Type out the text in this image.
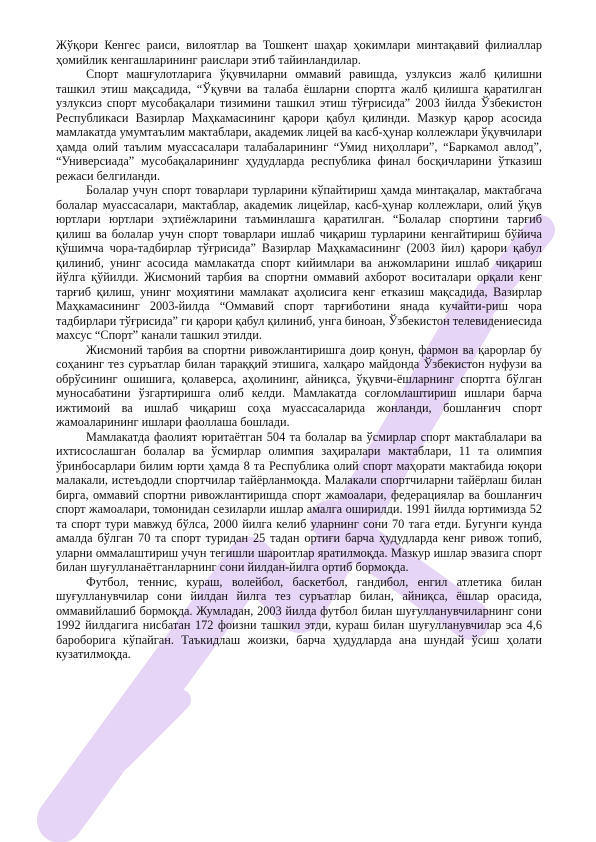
Жўқори Кенгес раиси, вилоятлар ва Тошкент шаҳар ҳокимлари минтақавий филиаллар ҳомийлик кенгашларининг раислари этиб тайинландилар.

Спорт машғулотларига ўқувчиларни оммавий равишда, узлуксиз жалб қилишни ташкил этиш мақсадида, “Ўқувчи ва талаба ёшларни спортга жалб қилишга қаратилган узлуксиз спорт мусобақалари тизимини ташкил этиш тўғрисида” 2003 йилда Ўзбекистон Республикаси Вазирлар Маҳкамасининг қарори қабул қилинди. Мазкур қарор асосида мамлакатда умумтаълим мактаблари, академик лицей ва касб-ҳунар коллежлари ўқувчилари ҳамда олий таълим муассасалари талабаларининг “Умид ниҳоллари”, “Баркамол авлод”, “Универсиада” мусобақаларининг ҳудудларда республика финал босқичларини ўтказиш режаси белгиланди.

Болалар учун спорт товарлари турларини кўпайтириш ҳамда минтақалар, мактабгача болалар муассасалари, мактаблар, академик лицейлар, касб-ҳунар коллежлари, олий ўқув юртлари юртлари эҳтиёжларини таъминлашга қаратилган. “Болалар спортини тарғиб қилиш ва болалар учун спорт товарлари ишлаб чиқариш турларини кенгайтириш бўйича қўшимча чора-тадбирлар тўғрисида” Вазирлар Маҳкамасининг (2003 йил) қарори қабул қилиниб, унинг асосида мамлакатда спорт кийимлари ва анжомларини ишлаб чиқариш йўлга қўйилди. Жисмоний тарбия ва спортни оммавий ахборот воситалари орқали кенг тарғиб қилиш, унинг моҳиятини мамлакат аҳолисига кенг етказиш мақсадида, Вазирлар Маҳкамасининг 2003-йилда “Оммавий спорт тарғиботини янада кучайти-риш чора тадбирлари тўғрисида” ги қарори қабул қилиниб, унга биноан, Ўзбекистон телевидениесида махсус “Спорт” канали ташкил этилди.

Жисмоний тарбия ва спортни ривожлантиришга доир қонун, фармон ва қарорлар бу соҳанинг тез суръатлар билан тараққий этишига, халқаро майдонда Ўзбекистон нуфузи ва обрўсининг ошишига, қолаверса, аҳолининг, айниқса, ўқувчи-ёшларнинг спортга бўлган муносабатини ўзгартиришга олиб келди. Мамлакатда соғломлаштириш ишлари барча ижтимоий ва ишлаб чиқариш соҳа муассасаларида жонланди, бошланғич спорт жамоаларининг ишлари фаоллаша бошлади.

Мамлакатда фаолият юритаётган 504 та болалар ва ўсмирлар спорт мактаблалари ва ихтисослашган болалар ва ўсмирлар олимпия заҳиралари мактаблари, 11 та олимпия ўринбосарлари билим юрти ҳамда 8 та Республика олий спорт маҳорати мактабида юқори малакали, истеъдодли спортчилар тайёрланмоқда. Малакали спортчиларни тайёрлаш билан бирга, оммавий спортни ривожлантиришда спорт жамоалари, федерациялар ва бошланғич спорт жамоалари, томонидан сезиларли ишлар амалга оширилди. 1991 йилда юртимизда 52 та спорт тури мавжуд бўлса, 2000 йилга келиб уларнинг сони 70 тага етди. Бугунги кунда амалда бўлган 70 та спорт туридан 25 тадан ортиғи барча ҳудудларда кенг ривож топиб, уларни оммалаштириш учун тегишли шароитлар яратилмоқда. Мазкур ишлар эвазига спорт билан шуғулланаётганларнинг сони йилдан-йилга ортиб бормоқда.

Футбол, теннис, кураш, волейбол, баскетбол, гандибол, енгил атлетика билан шуғулланувчилар сони йилдан йилга тез суръатлар билан, айниқса, ёшлар орасида, оммавийлашиб бормоқда. Жумладан, 2003 йилда футбол билан шуғулланувчиларнинг сони 1992 йилдагига нисбатан 172 фоизни ташкил этди, кураш билан шуғулланувчилар эса 4,6 бароборига кўпайган. Таъкидлаш жоизки, барча ҳудудларда ана шундай ўсиш ҳолати кузатилмоқда.
